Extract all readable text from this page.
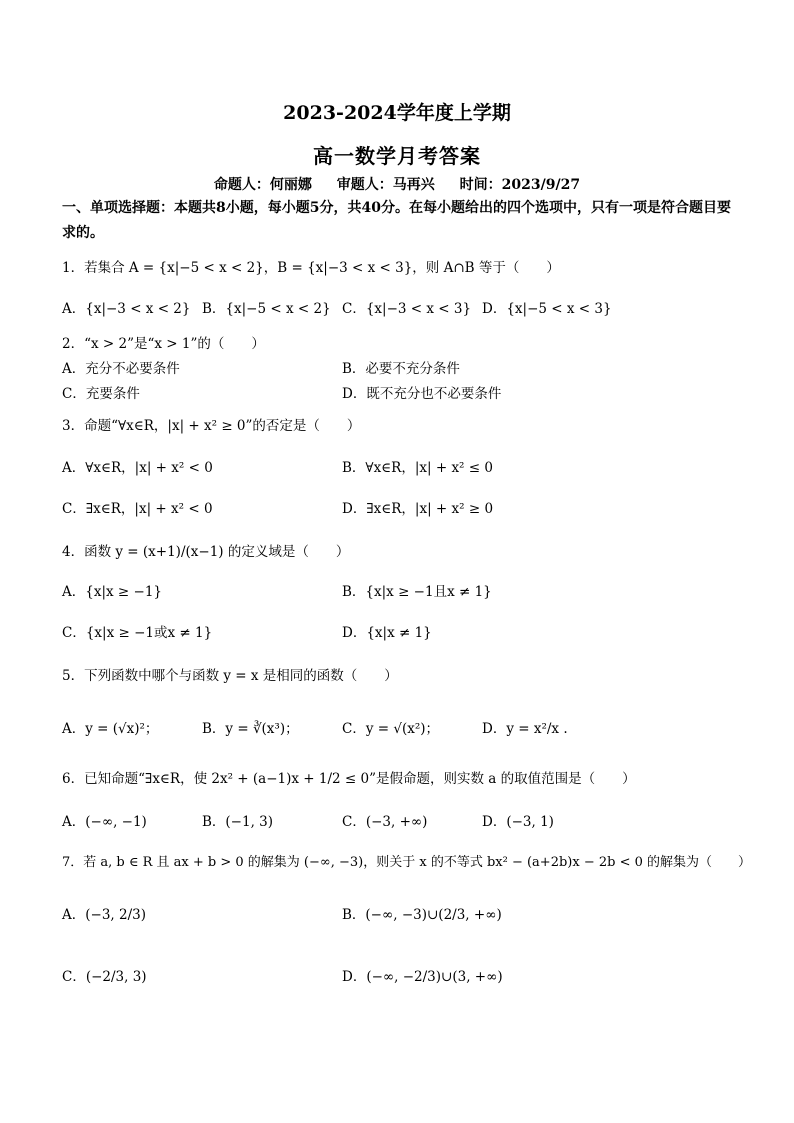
2023-2024学年度上学期
高一数学月考答案
命题人：何丽娜 审题人：马再兴 时间：2023/9/27
一、单项选择题：本题共8小题，每小题5分，共40分。在每小题给出的四个选项中，只有一项是符合题目要求的。
1．若集合 A = {x|−5 < x < 2}，B = {x|−3 < x < 3}，则 A∩B 等于（　　）
A．{x|−3 < x < 2} B．{x|−5 < x < 2} C．{x|−3 < x < 3} D．{x|−5 < x < 3}
2．“x > 2”是“x > 1”的（　　）
A．充分不必要条件	B．必要不充分条件
C．充要条件	D．既不充分也不必要条件
3．命题“∀x∈R，|x| + x² ≥ 0”的否定是（　　）
A．∀x∈R，|x| + x² < 0	B．∀x∈R，|x| + x² ≤ 0
C．∃x∈R，|x| + x² < 0	D．∃x∈R，|x| + x² ≥ 0
4．函数 y = (x+1)/(x−1) 的定义域是（　　）
A．{x|x ≥ −1}	B．{x|x ≥ −1且x ≠ 1}
C．{x|x ≥ −1或x ≠ 1}	D．{x|x ≠ 1}
5．下列函数中哪个与函数 y = x 是相同的函数（　　）
A．y = (√x)²；	B．y = ∛(x³)；	C．y = √(x²)；	D．y = x²/x .
6．已知命题“∃x∈R，使 2x² + (a−1)x + 1/2 ≤ 0”是假命题，则实数 a 的取值范围是（　　）
A．(−∞, −1)	B．(−1, 3)	C．(−3, +∞)	D．(−3, 1)
7．若 a, b ∈ R 且 ax + b > 0 的解集为 (−∞, −3)，则关于 x 的不等式 bx² − (a+2b)x − 2b < 0 的解集为（　　）
A．(−3, 2/3)	B．(−∞, −3)∪(2/3, +∞)
C．(−2/3, 3)	D．(−∞, −2/3)∪(3, +∞)
